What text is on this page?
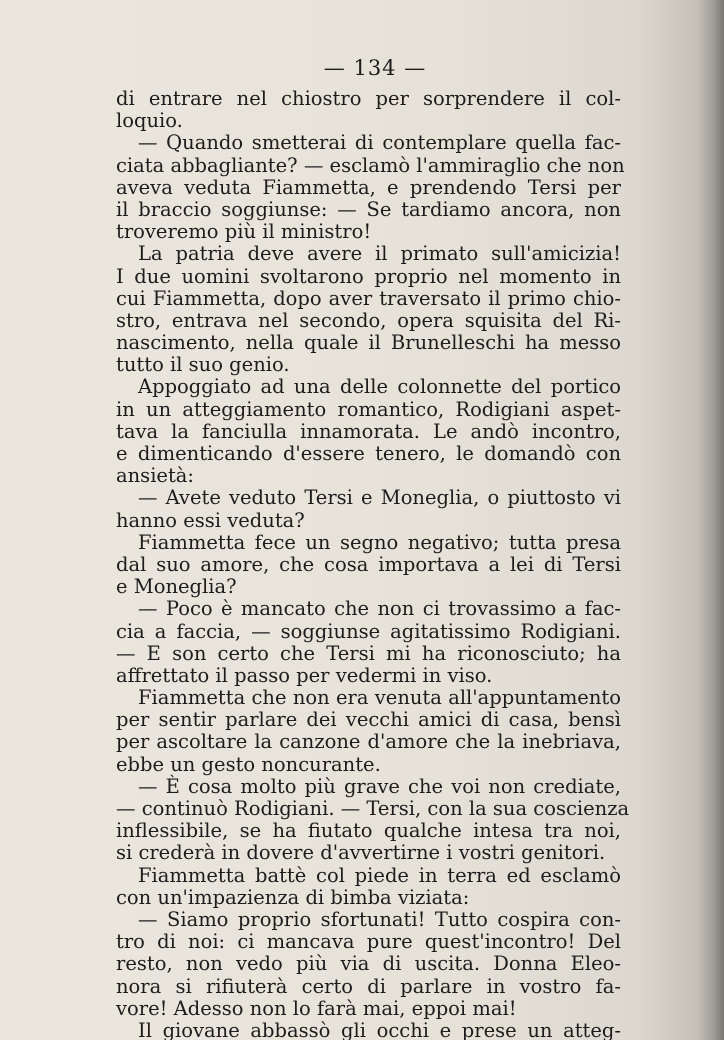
— 134 —
di entrare nel chiostro per sorprendere il col-
loquio.
— Quando smetterai di contemplare quella fac-
ciata abbagliante? — esclamò l'ammiraglio che non
aveva veduta Fiammetta, e prendendo Tersi per
il braccio soggiunse: — Se tardiamo ancora, non
troveremo più il ministro!
La patria deve avere il primato sull'amicizia!
I due uomini svoltarono proprio nel momento in
cui Fiammetta, dopo aver traversato il primo chio-
stro, entrava nel secondo, opera squisita del Ri-
nascimento, nella quale il Brunelleschi ha messo
tutto il suo genio.
Appoggiato ad una delle colonnette del portico
in un atteggiamento romantico, Rodigiani aspet-
tava la fanciulla innamorata. Le andò incontro,
e dimenticando d'essere tenero, le domandò con
ansietà:
— Avete veduto Tersi e Moneglia, o piuttosto vi
hanno essi veduta?
Fiammetta fece un segno negativo; tutta presa
dal suo amore, che cosa importava a lei di Tersi
e Moneglia?
— Poco è mancato che non ci trovassimo a fac-
cia a faccia, — soggiunse agitatissimo Rodigiani.
— E son certo che Tersi mi ha riconosciuto; ha
affrettato il passo per vedermi in viso.
Fiammetta che non era venuta all'appuntamento
per sentir parlare dei vecchi amici di casa, bensì
per ascoltare la canzone d'amore che la inebriava,
ebbe un gesto noncurante.
— È cosa molto più grave che voi non crediate,
— continuò Rodigiani. — Tersi, con la sua coscienza
inflessibile, se ha fiutato qualche intesa tra noi,
si crederà in dovere d'avvertirne i vostri genitori.
Fiammetta battè col piede in terra ed esclamò
con un'impazienza di bimba viziata:
— Siamo proprio sfortunati! Tutto cospira con-
tro di noi: ci mancava pure quest'incontro! Del
resto, non vedo più via di uscita. Donna Eleo-
nora si rifiuterà certo di parlare in vostro fa-
vore! Adesso non lo farà mai, eppoi mai!
Il giovane abbassò gli occhi e prese un atteg-
